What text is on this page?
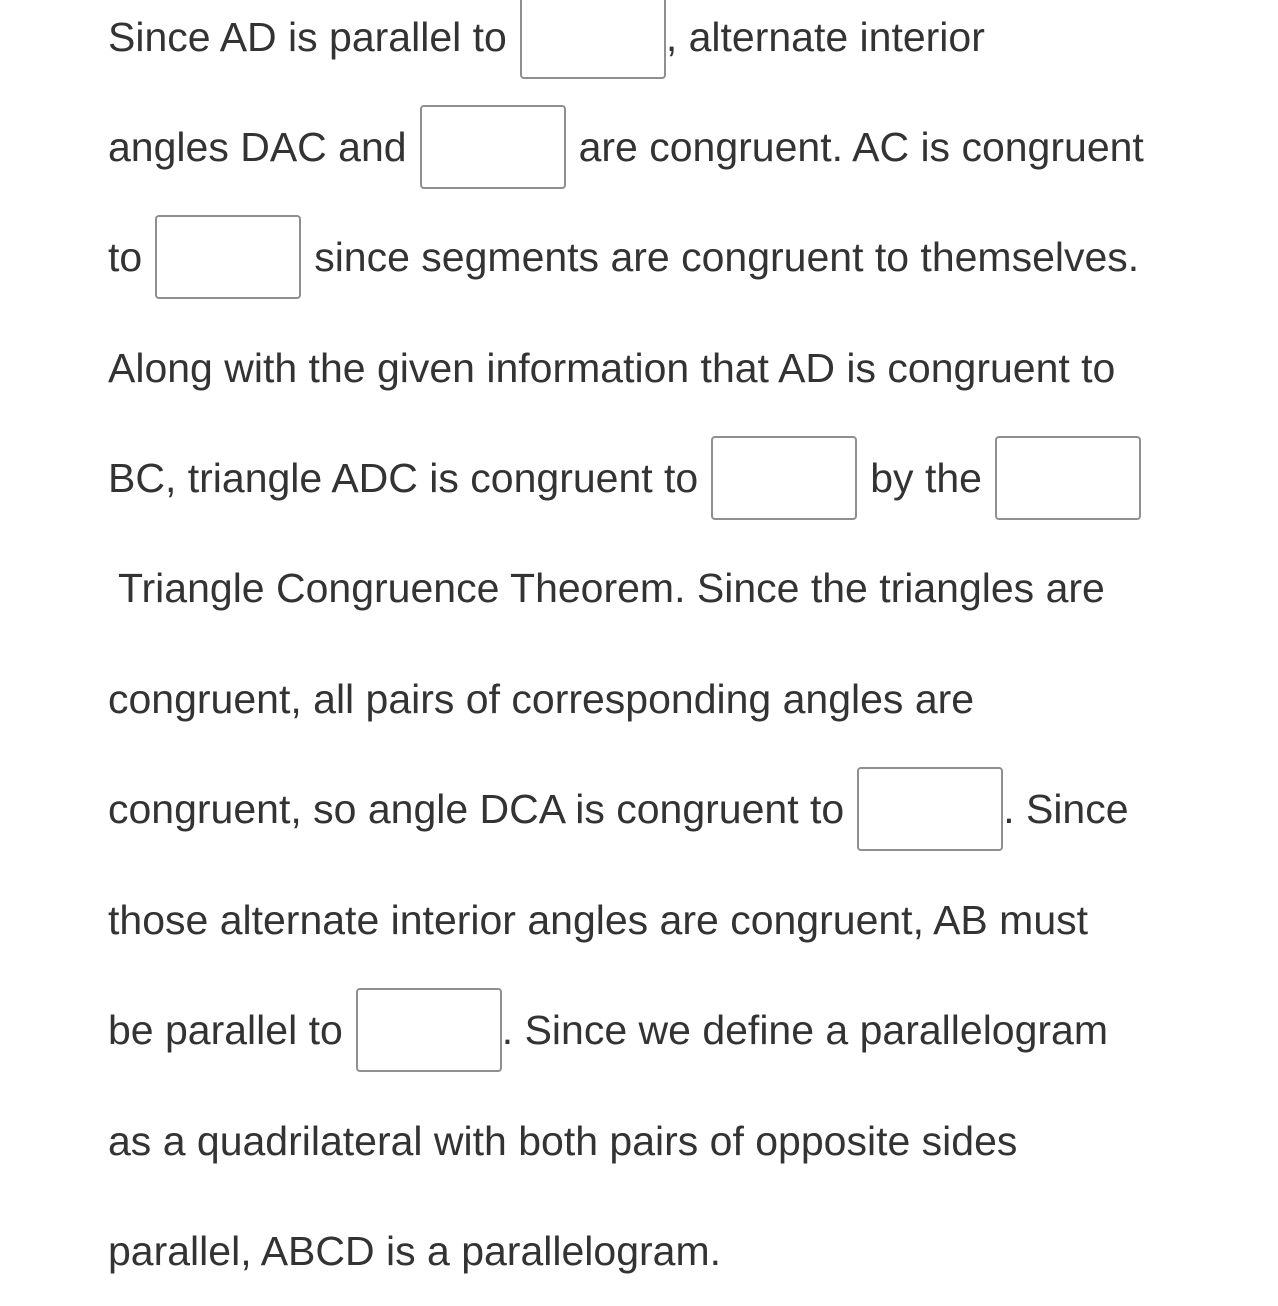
Since AD is parallel to	, alternate interior
angles DAC and	are congruent. AC is congruent
to	since segments are congruent to themselves.
Along with the given information that AD is congruent to
BC, triangle ADC is congruent to	by the
Triangle Congruence Theorem. Since the triangles are
congruent, all pairs of corresponding angles are
congruent, so angle DCA is congruent to	. Since
those alternate interior angles are congruent, AB must
be parallel to	. Since we define a parallelogram
as a quadrilateral with both pairs of opposite sides
parallel, ABCD is a parallelogram.
